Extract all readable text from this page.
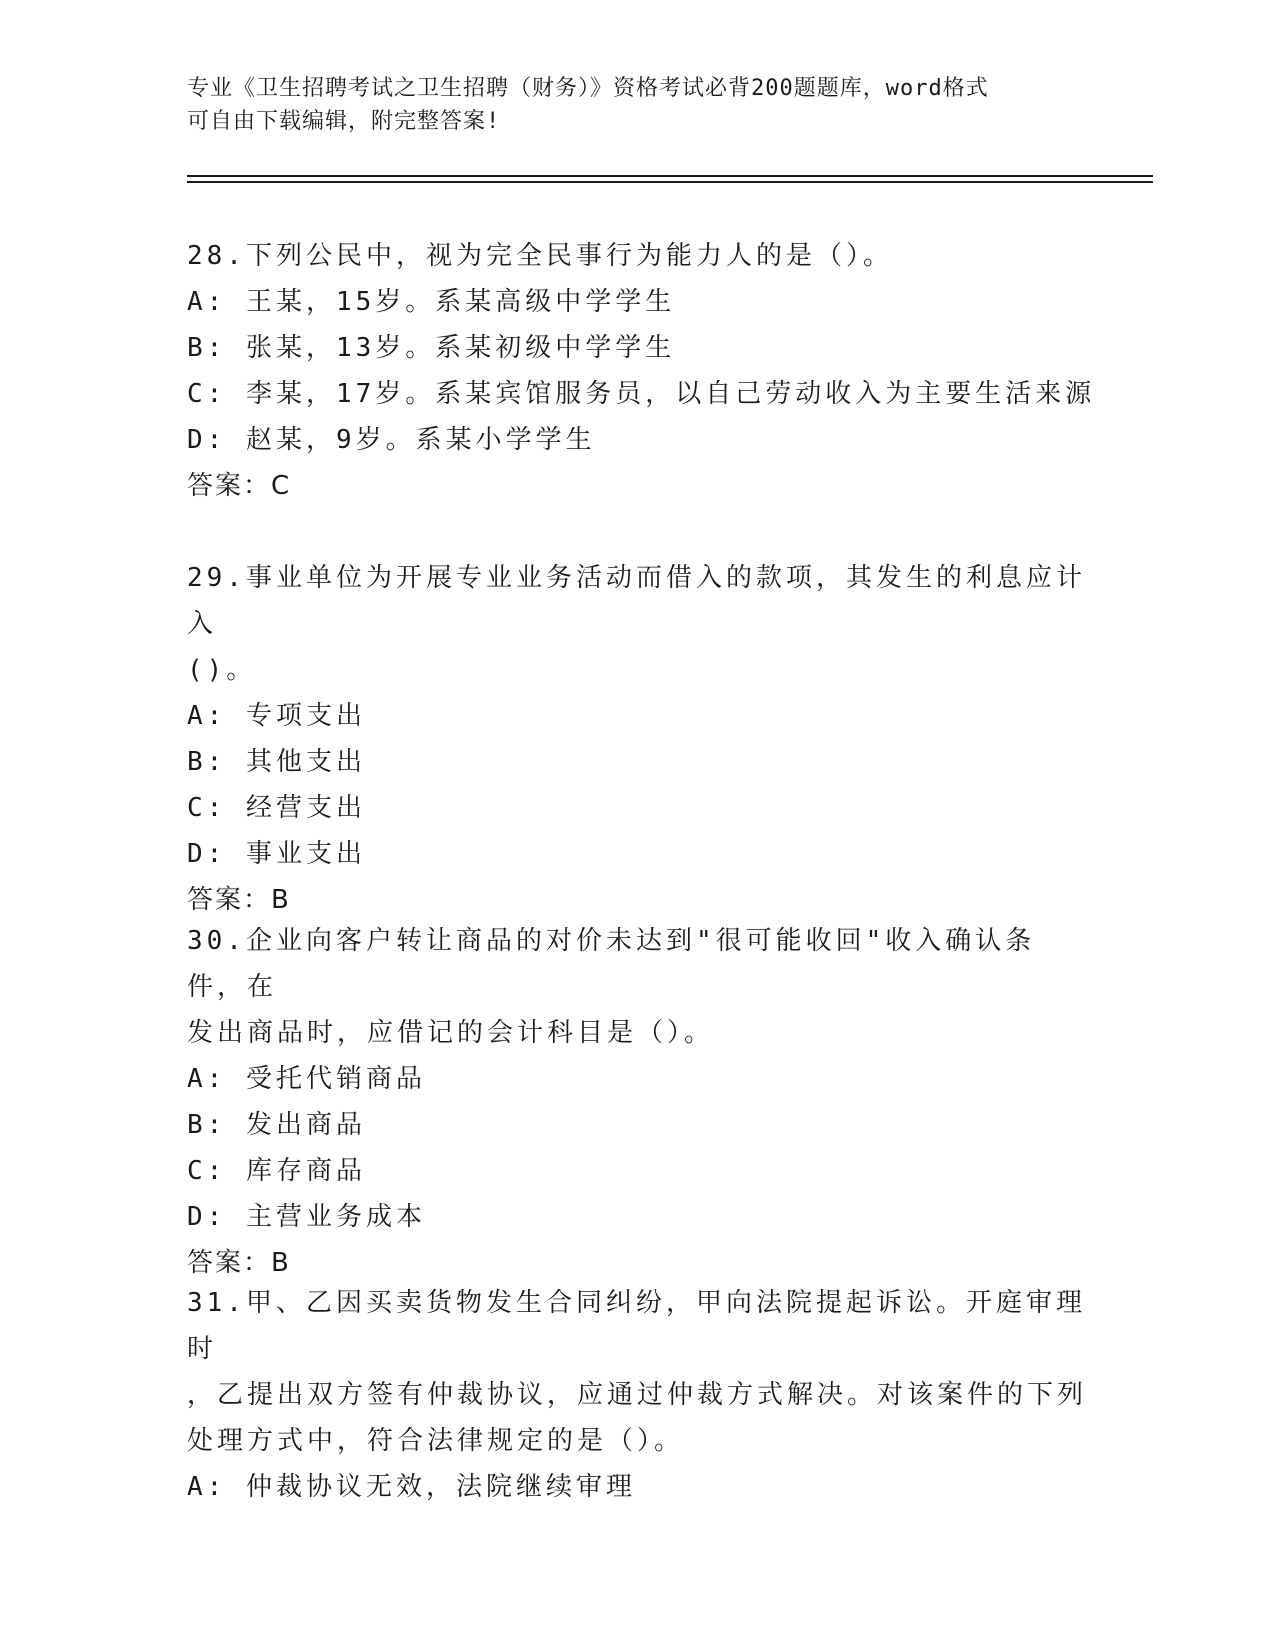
专业《卫生招聘考试之卫生招聘（财务）》资格考试必背200题题库，word格式
可自由下载编辑，附完整答案!
28.下列公民中，视为完全民事行为能力人的是（）。
A: 王某，15岁。系某高级中学学生
B: 张某，13岁。系某初级中学学生
C: 李某，17岁。系某宾馆服务员，以自己劳动收入为主要生活来源
D: 赵某，9岁。系某小学学生
答案：C
29.事业单位为开展专业业务活动而借入的款项，其发生的利息应计入
()。
A: 专项支出
B: 其他支出
C: 经营支出
D: 事业支出
答案：B
30.企业向客户转让商品的对价未达到"很可能收回"收入确认条件，在
发出商品时，应借记的会计科目是（）。
A: 受托代销商品
B: 发出商品
C: 库存商品
D: 主营业务成本
答案：B
31.甲、乙因买卖货物发生合同纠纷，甲向法院提起诉讼。开庭审理时
，乙提出双方签有仲裁协议，应通过仲裁方式解决。对该案件的下列
处理方式中，符合法律规定的是（）。
A: 仲裁协议无效，法院继续审理
